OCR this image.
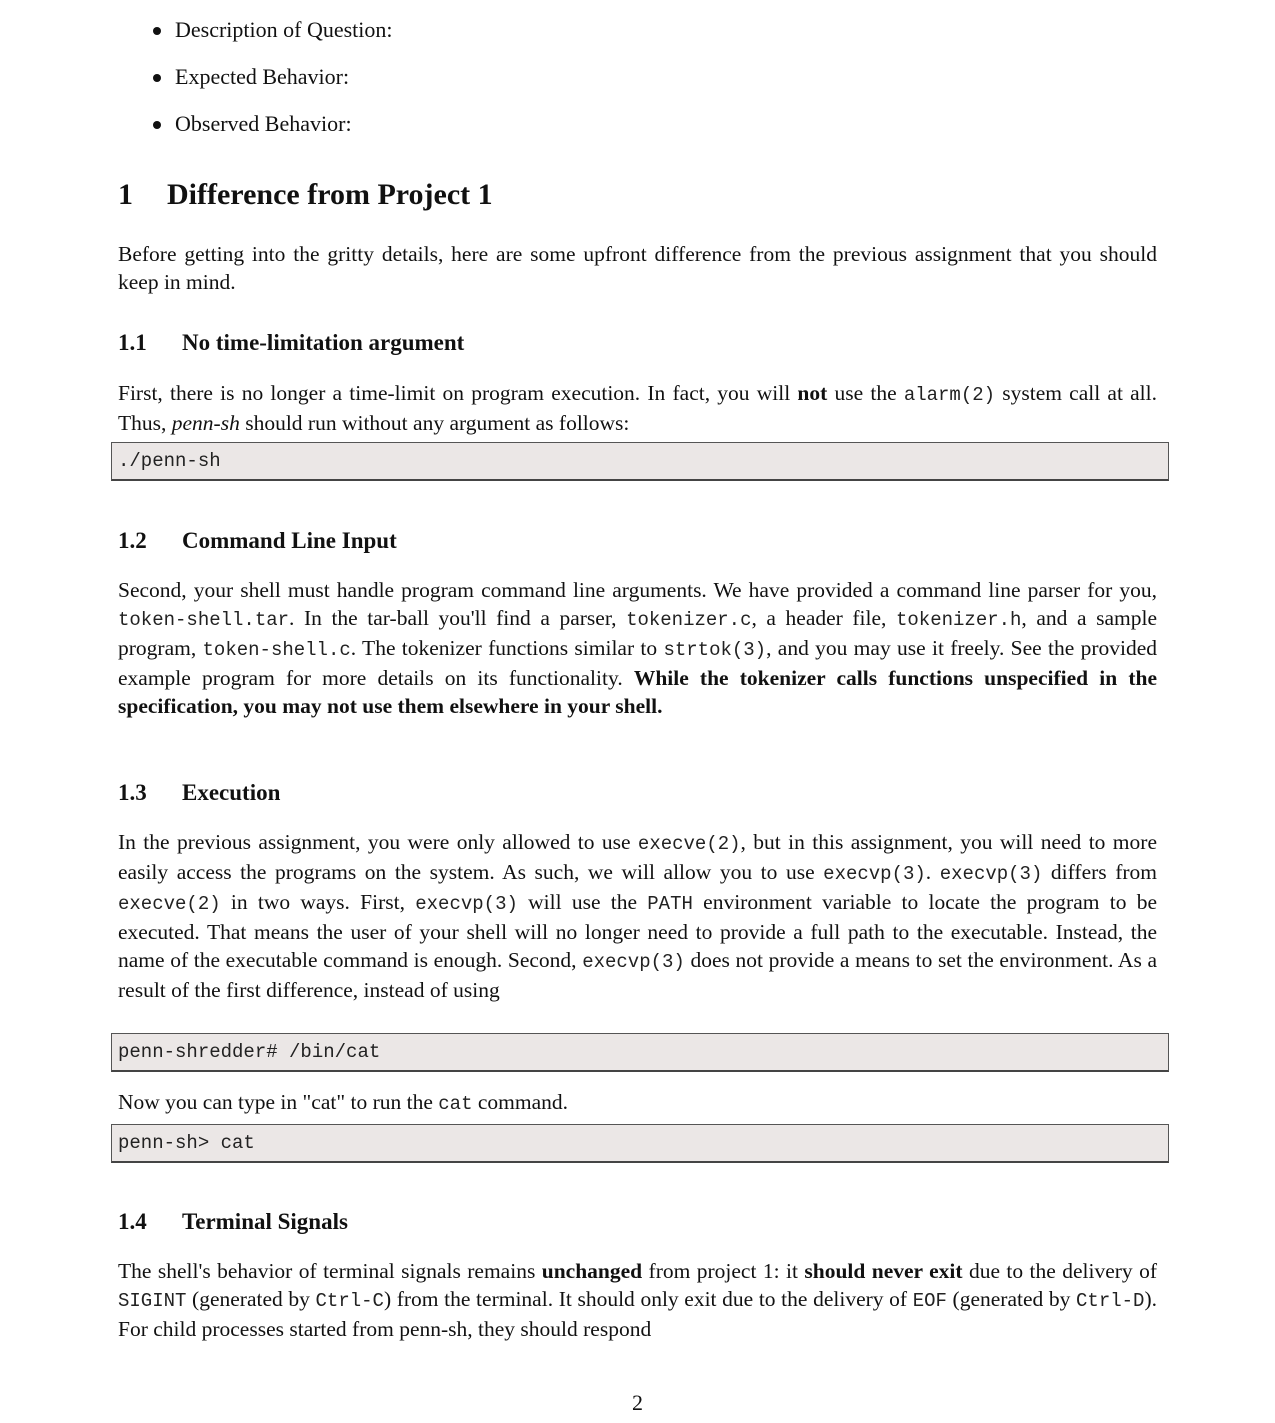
Description of Question:
Expected Behavior:
Observed Behavior:
1 Difference from Project 1
Before getting into the gritty details, here are some upfront difference from the previous assignment that you should keep in mind.
1.1 No time-limitation argument
First, there is no longer a time-limit on program execution. In fact, you will not use the alarm(2) system call at all. Thus, penn-sh should run without any argument as follows:
./penn-sh
1.2 Command Line Input
Second, your shell must handle program command line arguments. We have provided a command line parser for you, token-shell.tar. In the tar-ball you'll find a parser, tokenizer.c, a header file, tokenizer.h, and a sample program, token-shell.c. The tokenizer functions similar to strtok(3), and you may use it freely. See the provided example program for more details on its functionality. While the tokenizer calls functions unspecified in the specification, you may not use them elsewhere in your shell.
1.3 Execution
In the previous assignment, you were only allowed to use execve(2), but in this assignment, you will need to more easily access the programs on the system. As such, we will allow you to use execvp(3). execvp(3) differs from execve(2) in two ways. First, execvp(3) will use the PATH environment variable to locate the program to be executed. That means the user of your shell will no longer need to provide a full path to the executable. Instead, the name of the executable command is enough. Second, execvp(3) does not provide a means to set the environment. As a result of the first difference, instead of using
penn-shredder# /bin/cat
Now you can type in "cat" to run the cat command.
penn-sh> cat
1.4 Terminal Signals
The shell's behavior of terminal signals remains unchanged from project 1: it should never exit due to the delivery of SIGINT (generated by Ctrl-C) from the terminal. It should only exit due to the delivery of EOF (generated by Ctrl-D). For child processes started from penn-sh, they should respond
2
